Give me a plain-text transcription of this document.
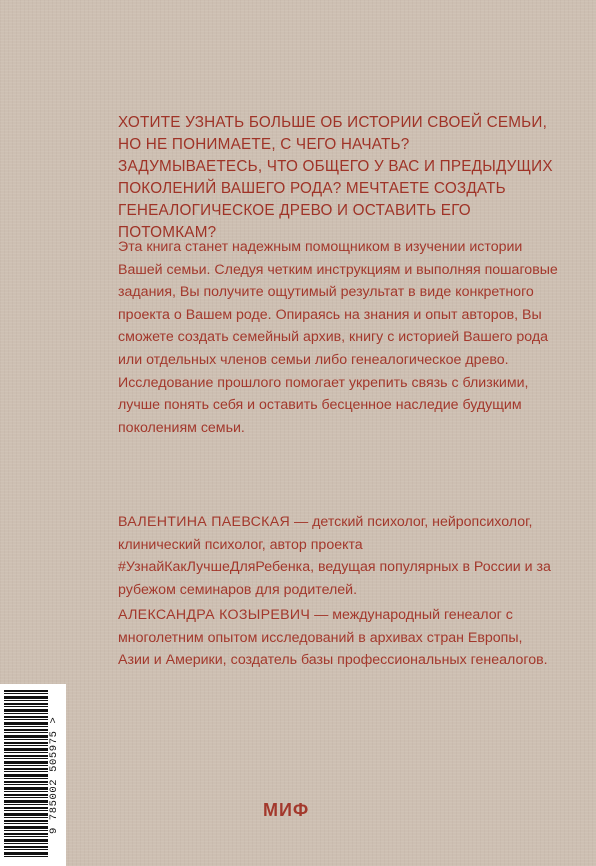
ХОТИТЕ УЗНАТЬ БОЛЬШЕ ОБ ИСТОРИИ СВОЕЙ СЕМЬИ, НО НЕ ПОНИМАЕТЕ, С ЧЕГО НАЧАТЬ? ЗАДУМЫВАЕТЕСЬ, ЧТО ОБЩЕГО У ВАС И ПРЕДЫДУЩИХ ПОКОЛЕНИЙ ВАШЕГО РОДА? МЕЧТАЕТЕ СОЗДАТЬ ГЕНЕАЛОГИЧЕСКОЕ ДРЕВО И ОСТАВИТЬ ЕГО ПОТОМКАМ?

Эта книга станет надежным помощником в изучении истории Вашей семьи. Следуя четким инструкциям и выполняя пошаговые задания, Вы получите ощутимый результат в виде конкретного проекта о Вашем роде. Опираясь на знания и опыт авторов, Вы сможете создать семейный архив, книгу с историей Вашего рода или отдельных членов семьи либо генеалогическое древо. Исследование прошлого помогает укрепить связь с близкими, лучше понять себя и оставить бесценное наследие будущим поколениям семьи.

ВАЛЕНТИНА ПАЕВСКАЯ — детский психолог, нейропсихолог, клинический психолог, автор проекта #УзнайКакЛучшеДляРебенка, ведущая популярных в России и за рубежом семинаров для родителей.

АЛЕКСАНДРА КОЗЫРЕВИЧ — международный генеалог с многолетним опытом исследований в архивах стран Европы, Азии и Америки, создатель базы профессиональных генеалогов.

9 785002 505975 >	МИФ
